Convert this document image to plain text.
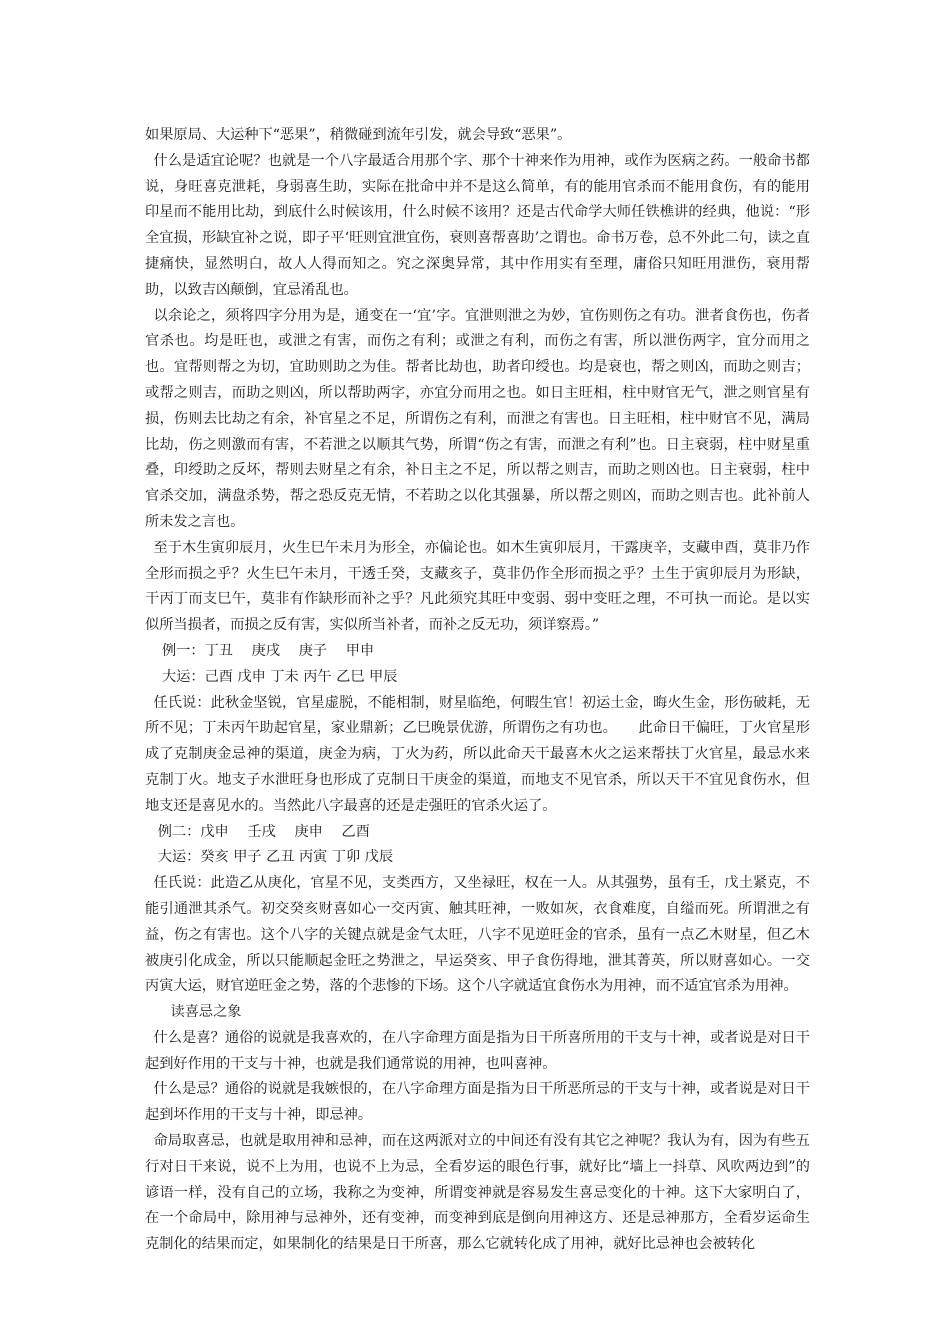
如果原局、大运种下“恶果”，稍微碰到流年引发，就会导致“恶果”。

什么是适宜论呢？也就是一个八字最适合用那个字、那个十神来作为用神，或作为医病之药。一般命书都说，身旺喜克泄耗，身弱喜生助，实际在批命中并不是这么简单，有的能用官杀而不能用食伤，有的能用印星而不能用比劫，到底什么时候该用，什么时候不该用？还是古代命学大师任铁樵讲的经典，他说：“形全宜损，形缺宜补之说，即子平‘旺则宜泄宜伤，衰则喜帮喜助’之谓也。命书万卷，总不外此二句，读之直捷痛快，显然明白，故人人得而知之。究之深奥异常，其中作用实有至理，庸俗只知旺用泄伤，衰用帮助，以致吉凶颠倒，宜忌淆乱也。

以余论之，须将四字分用为是，通变在一‘宜’字。宜泄则泄之为妙，宜伤则伤之有功。泄者食伤也，伤者官杀也。均是旺也，或泄之有害，而伤之有利；或泄之有利，而伤之有害，所以泄伤两字，宜分而用之也。宜帮则帮之为切，宜助则助之为佳。帮者比劫也，助者印绶也。均是衰也，帮之则凶，而助之则吉；或帮之则吉，而助之则凶，所以帮助两字，亦宜分而用之也。如日主旺相，柱中财官无气，泄之则官星有损，伤则去比劫之有余，补官星之不足，所谓伤之有利，而泄之有害也。日主旺相，柱中财官不见，满局比劫，伤之则激而有害，不若泄之以顺其气势，所谓“伤之有害，而泄之有利”也。日主衰弱，柱中财星重叠，印绶助之反坏，帮则去财星之有余，补日主之不足，所以帮之则吉，而助之则凶也。日主衰弱，柱中官杀交加，满盘杀势，帮之恐反克无情，不若助之以化其强暴，所以帮之则凶，而助之则吉也。此补前人所未发之言也。

至于木生寅卯辰月，火生巳午未月为形全，亦偏论也。如木生寅卯辰月，干露庚辛，支藏申酉，莫非乃作全形而损之乎？火生巳午未月，干透壬癸，支藏亥子，莫非仍作全形而损之乎？土生于寅卯辰月为形缺，干丙丁而支巳午，莫非有作缺形而补之乎？凡此须究其旺中变弱、弱中变旺之理，不可执一而论。是以实似所当损者，而损之反有害，实似所当补者，而补之反无功，须详察焉。”

例一：丁丑　 庚戌　 庚子　 甲申

大运：己酉 戊申 丁未 丙午 乙巳 甲辰

任氏说：此秋金坚锐，官星虚脱，不能相制，财星临绝，何暇生官！初运土金，晦火生金，形伤破耗，无所不见；丁未丙午助起官星，家业鼎新；乙巳晚景优游，所谓伤之有功也。　　此命日干偏旺，丁火官星形成了克制庚金忌神的渠道，庚金为病，丁火为药，所以此命天干最喜木火之运来帮扶丁火官星，最忌水来克制丁火。地支子水泄旺身也形成了克制日干庚金的渠道，而地支不见官杀，所以天干不宜见食伤水，但地支还是喜见水的。当然此八字最喜的还是走强旺的官杀火运了。

例二：戊申　 壬戌　 庚申　 乙酉

大运：癸亥 甲子 乙丑 丙寅 丁卯 戊辰

任氏说：此造乙从庚化，官星不见，支类西方，又坐禄旺，权在一人。从其强势，虽有壬，戊土紧克，不能引通泄其杀气。初交癸亥财喜如心一交丙寅、触其旺神，一败如灰，衣食难度，自缢而死。所谓泄之有益，伤之有害也。这个八字的关键点就是金气太旺，八字不见逆旺金的官杀，虽有一点乙木财星，但乙木被庚引化成金，所以只能顺起金旺之势泄之，早运癸亥、甲子食伤得地，泄其菁英，所以财喜如心。一交丙寅大运，财官逆旺金之势，落的个悲惨的下场。这个八字就适宜食伤水为用神，而不适宜官杀为用神。

读喜忌之象

什么是喜？通俗的说就是我喜欢的，在八字命理方面是指为日干所喜所用的干支与十神，或者说是对日干起到好作用的干支与十神，也就是我们通常说的用神，也叫喜神。

什么是忌？通俗的说就是我嫉恨的，在八字命理方面是指为日干所恶所忌的干支与十神，或者说是对日干起到坏作用的干支与十神，即忌神。

命局取喜忌，也就是取用神和忌神，而在这两派对立的中间还有没有其它之神呢？我认为有，因为有些五行对日干来说，说不上为用，也说不上为忌，全看岁运的眼色行事，就好比“墙上一抖草、风吹两边到”的谚语一样，没有自己的立场，我称之为变神，所谓变神就是容易发生喜忌变化的十神。这下大家明白了，在一个命局中，除用神与忌神外，还有变神，而变神到底是倒向用神这方、还是忌神那方，全看岁运命生克制化的结果而定，如果制化的结果是日干所喜，那么它就转化成了用神，就好比忌神也会被转化
